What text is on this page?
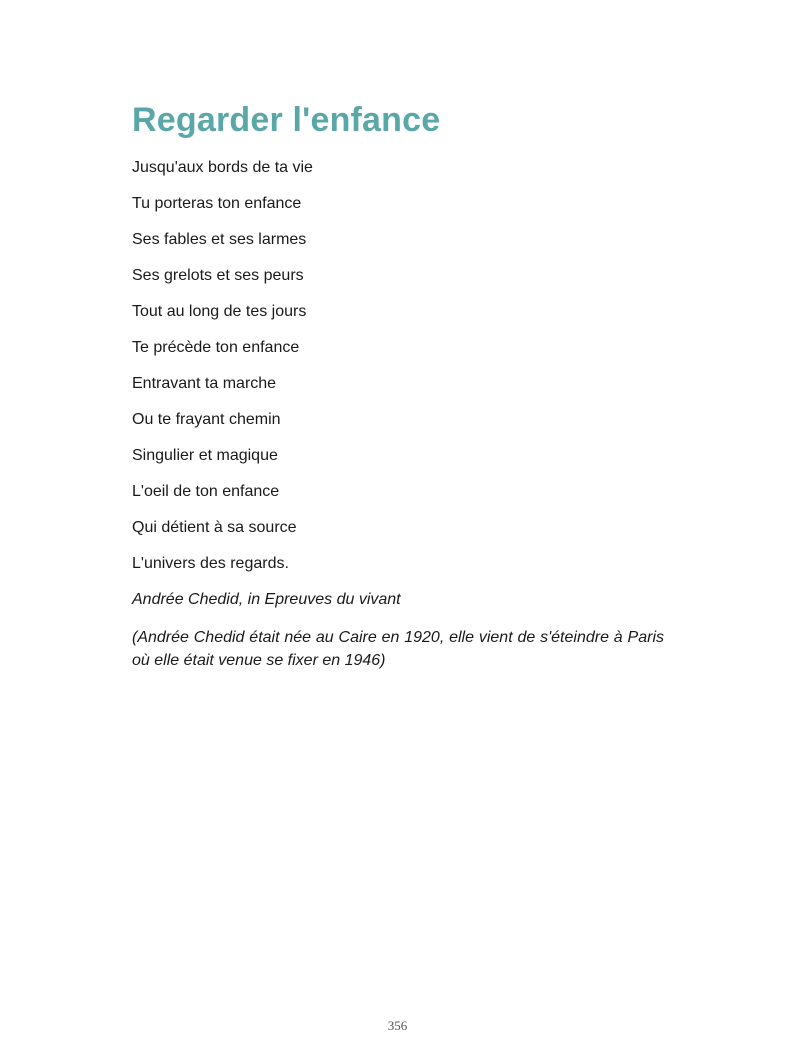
Regarder l'enfance
Jusqu'aux bords de ta vie
Tu porteras ton enfance
Ses fables et ses larmes
Ses grelots et ses peurs
Tout au long de tes jours
Te précède ton enfance
Entravant ta marche
Ou te frayant chemin
Singulier et magique
L'oeil de ton enfance
Qui détient à sa source
L'univers des regards.
Andrée Chedid, in Epreuves du vivant

(Andrée Chedid était née au Caire en 1920, elle vient de s'éteindre à Paris où elle était venue se fixer en 1946)

356
